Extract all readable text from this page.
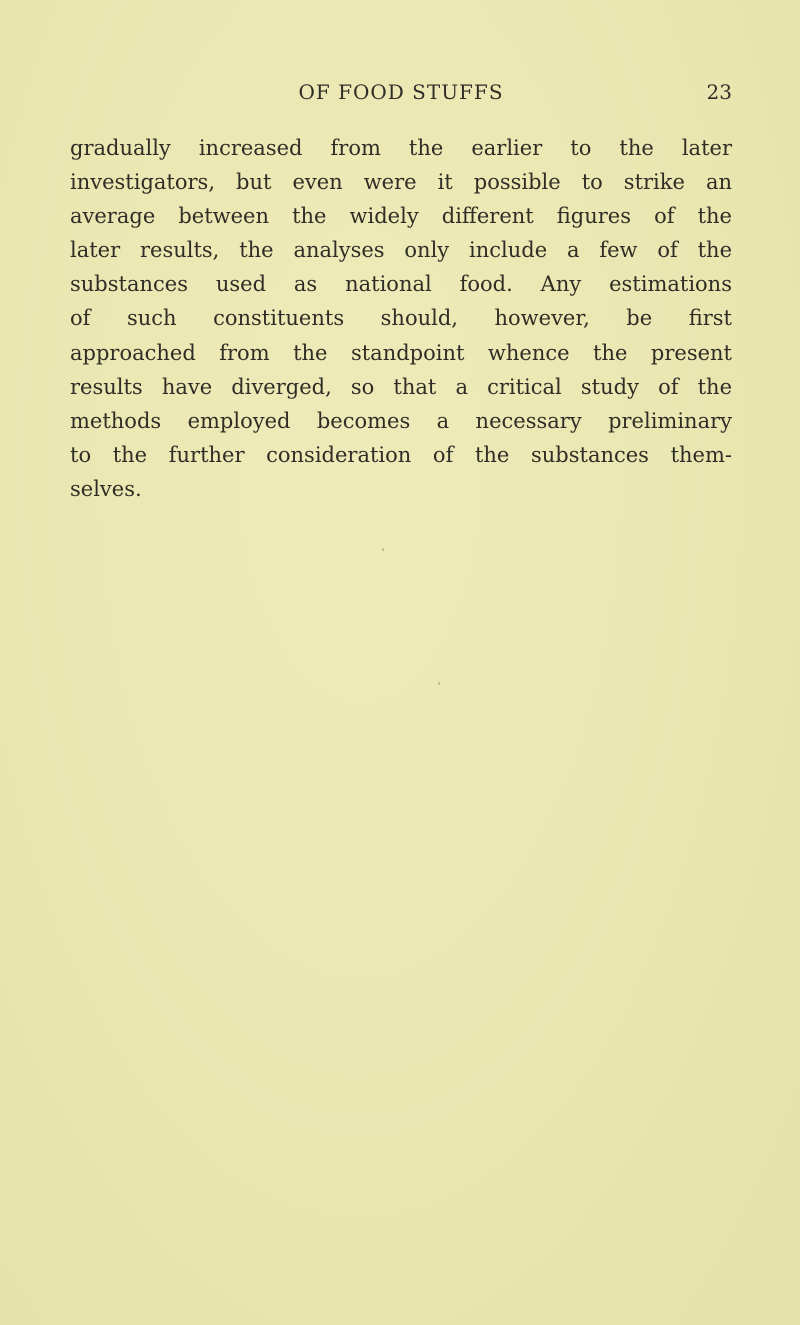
OF FOOD STUFFS	23

gradually increased from the earlier to the later
investigators, but even were it possible to strike an
average between the widely different figures of the
later results, the analyses only include a few of the
substances used as national food. Any estimations
of such constituents should, however, be first
approached from the standpoint whence the present
results have diverged, so that a critical study of the
methods employed becomes a necessary preliminary
to the further consideration of the substances them-
selves.
